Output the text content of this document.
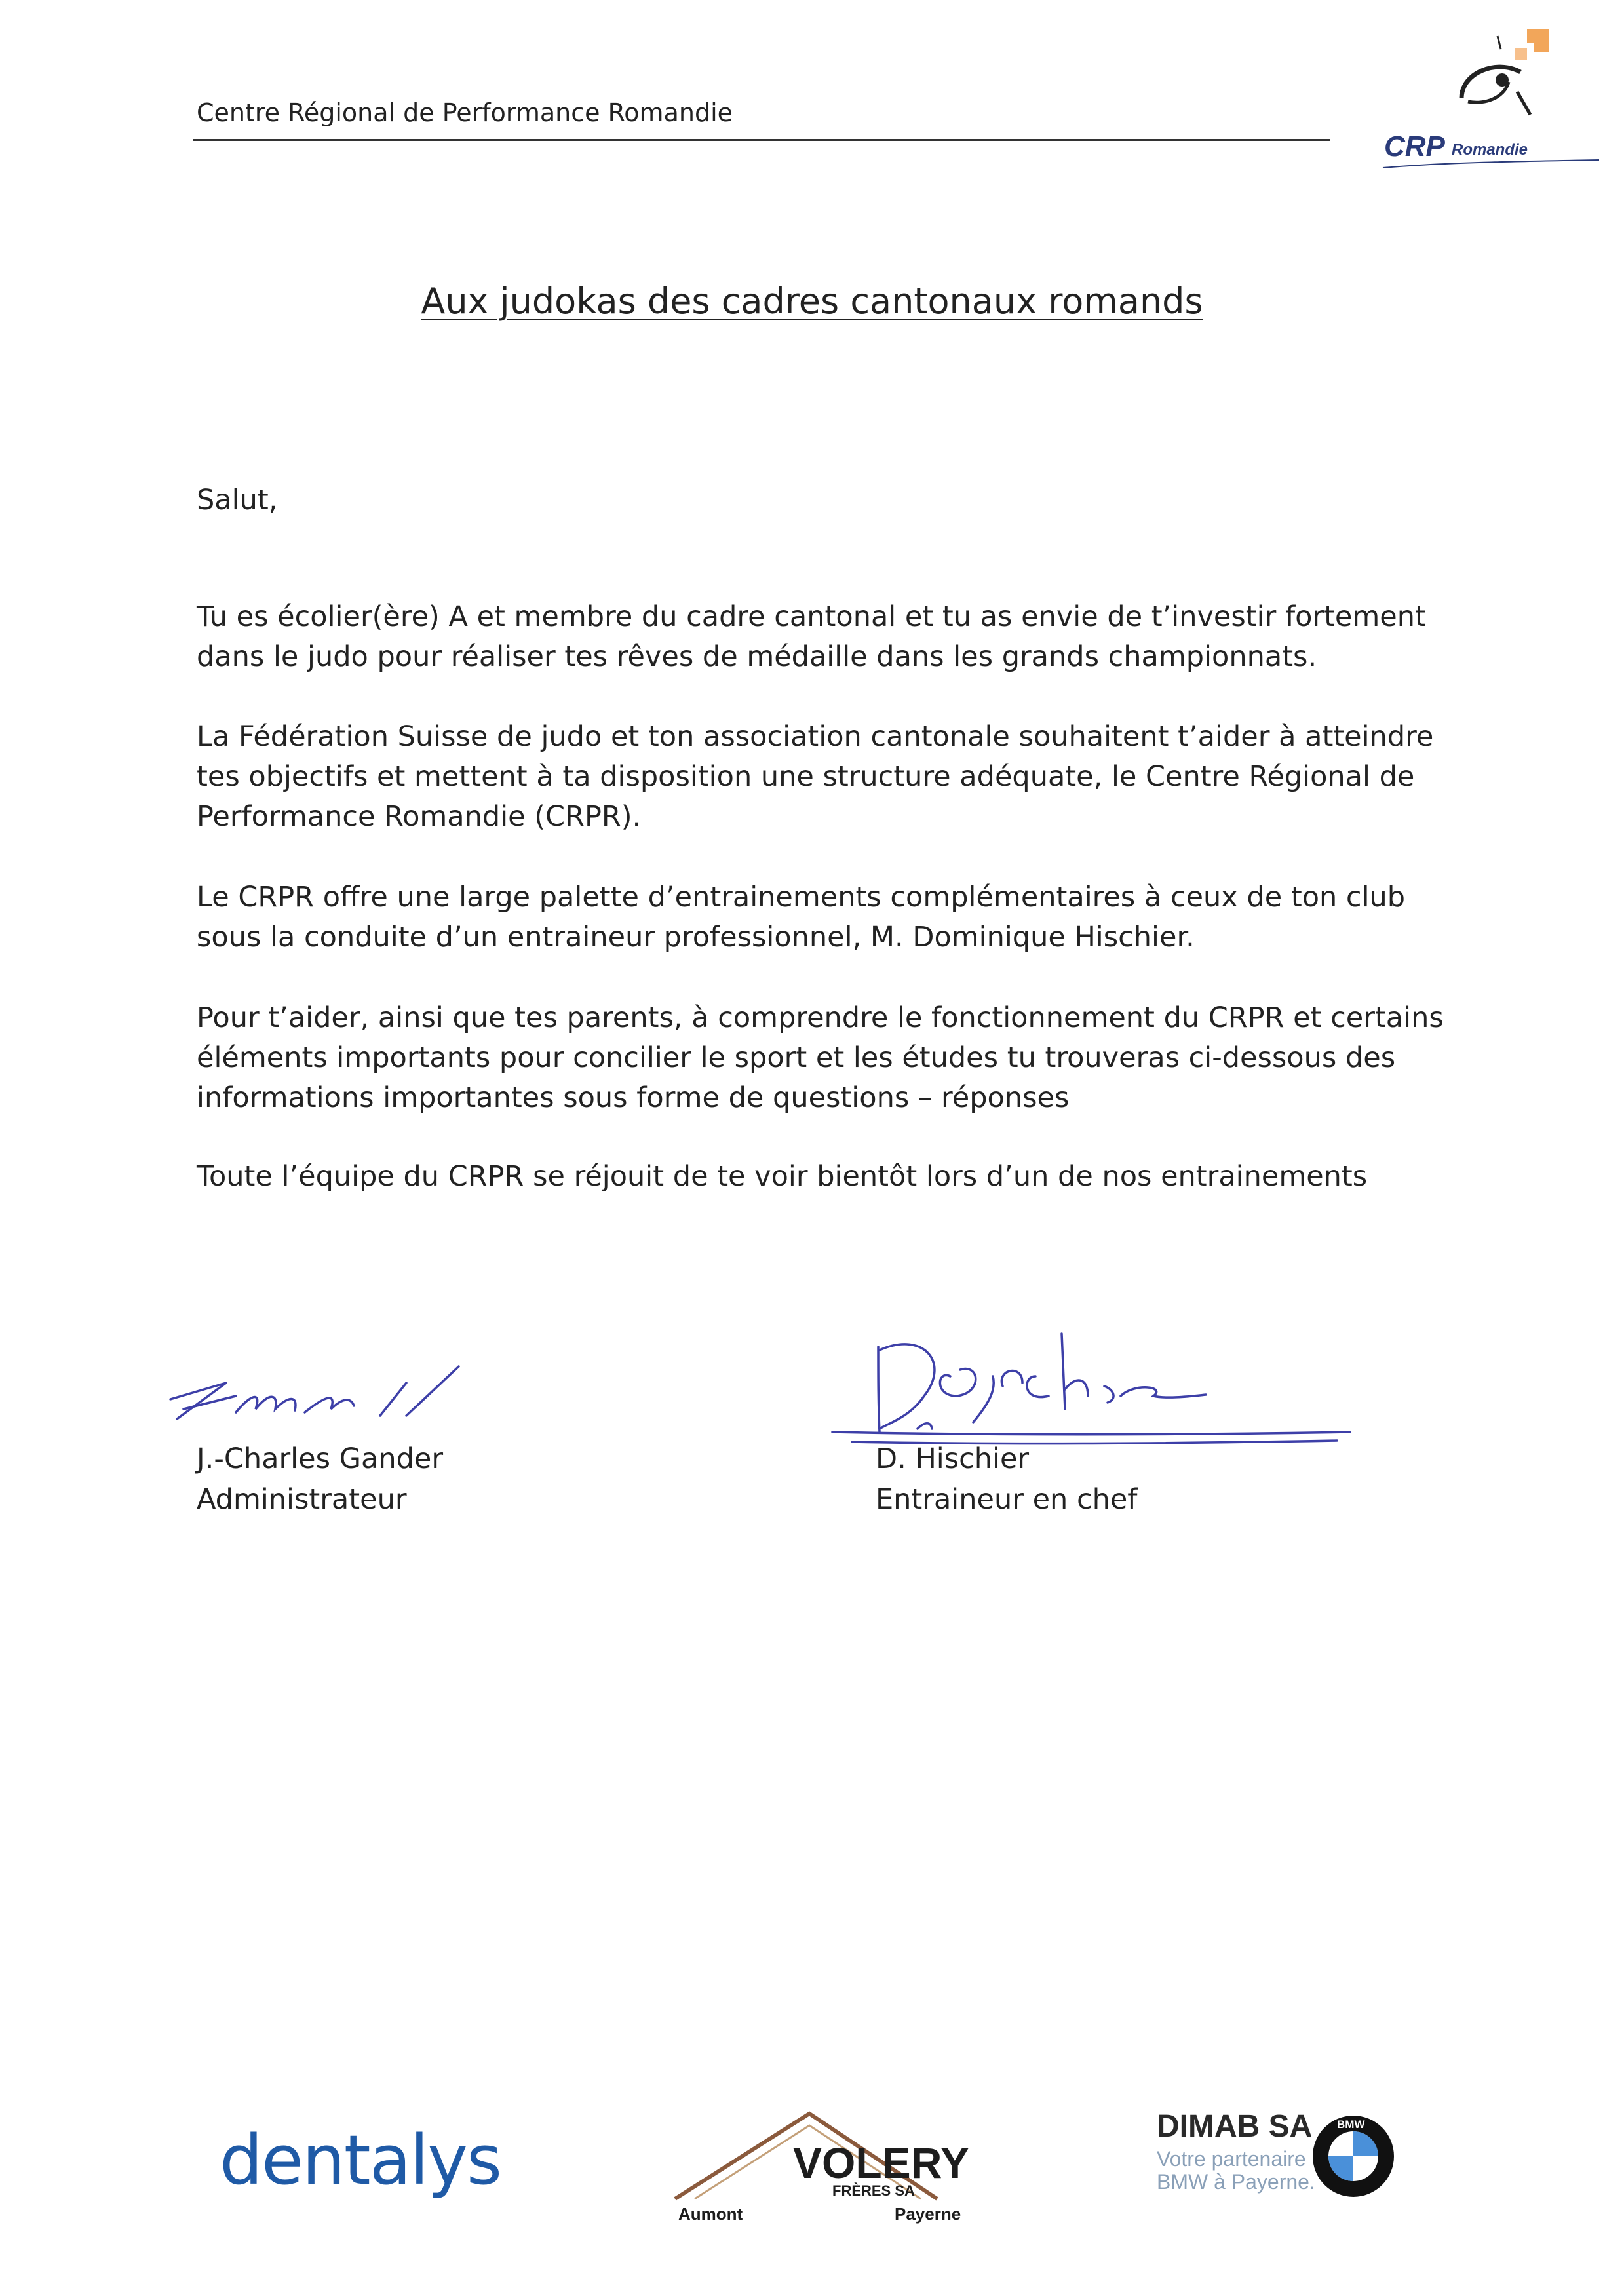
Centre Régional de Performance Romandie
CRP Romandie
Aux judokas des cadres cantonaux romands
Salut,
Tu es écolier(ère) A et membre du cadre cantonal et tu as envie de t’investir fortement dans le judo pour réaliser tes rêves de médaille dans les grands championnats.
La Fédération Suisse de judo et ton association cantonale souhaitent t’aider à atteindre tes objectifs et mettent à ta disposition une structure adéquate, le Centre Régional de Performance Romandie (CRPR).
Le CRPR offre une large palette d’entrainements complémentaires à ceux de ton club sous la conduite d’un entraineur professionnel, M. Dominique Hischier.
Pour t’aider, ainsi que tes parents, à comprendre le fonctionnement du CRPR et certains éléments importants pour concilier le sport et les études tu trouveras ci-dessous des informations importantes sous forme de questions – réponses
Toute l’équipe du CRPR se réjouit de te voir bientôt lors d’un de nos entrainements
J.-Charles Gander
Administrateur
D. Hischier
Entraineur en chef
dentalys	VOLERY
FRÈRES SA
Aumont	Payerne
DIMAB SA
Votre partenaire
BMW à Payerne.
BMW
